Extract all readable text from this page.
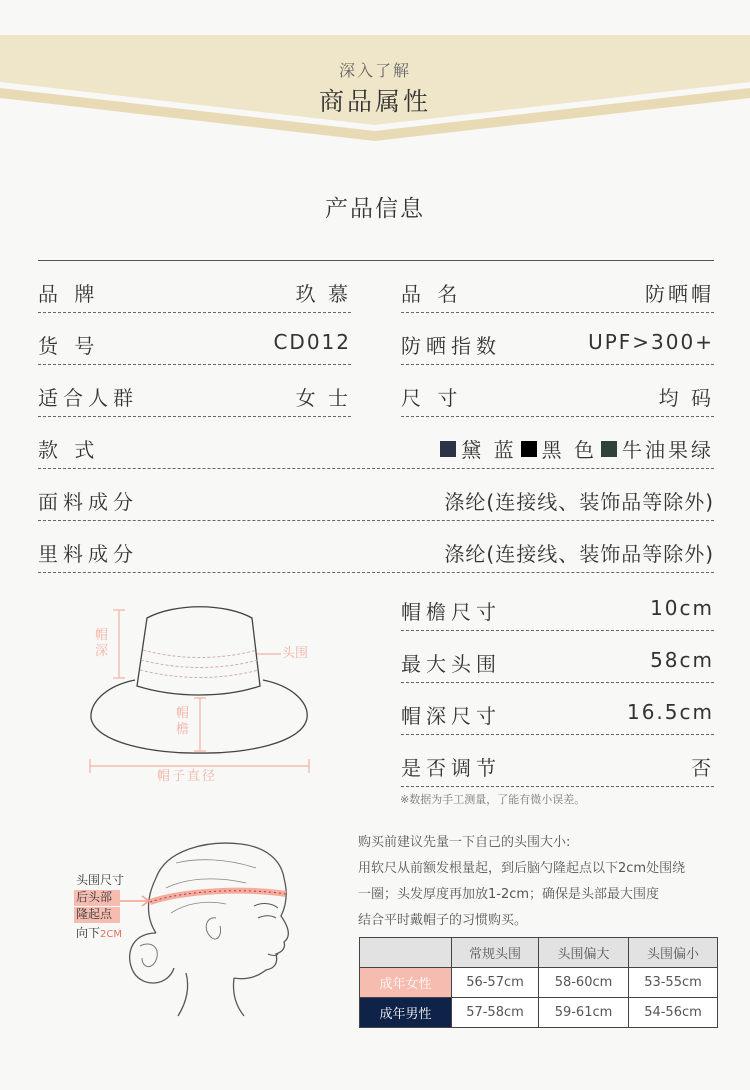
深入了解
商品属性
产品信息
品 牌	玖 慕	品 名	防晒帽
货 号	CD012	防晒指数	UPF>300+
适合人群	女 士	尺 寸	均 码
款 式	黛 蓝 黑 色 牛油果绿
面料成分	涤纶(连接线、装饰品等除外)
里料成分	涤纶(连接线、装饰品等除外)
帽檐尺寸	10cm
最大头围	58cm
帽深尺寸	16.5cm
是否调节	否
※数据为手工测量，了能有微小误差。
帽深	头围
帽檐
帽子直径
购买前建议先量一下自己的头围大小:
用软尺从前额发根量起，到后脑勺隆起点以下2cm处围绕
一圈；头发厚度再加放1-2cm；确保是头部最大围度
结合平时戴帽子的习惯购买。
	常规头围	头围偏大	头围偏小
成年女性	56-57cm	58-60cm	53-55cm
成年男性	57-58cm	59-61cm	54-56cm
头围尺寸
后头部
隆起点
向下2CM
